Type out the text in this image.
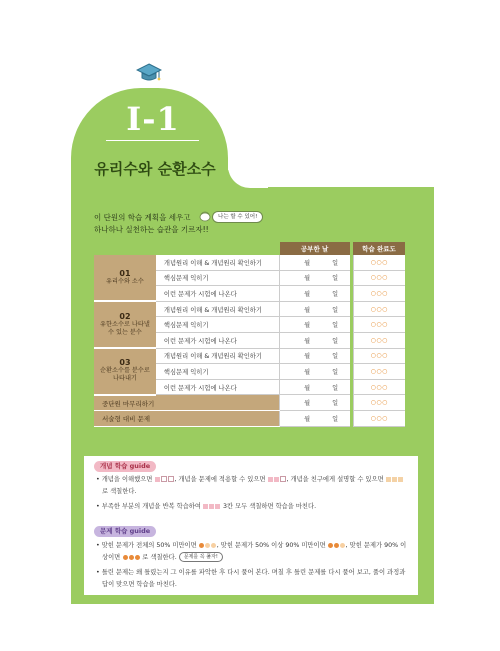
I-1
유리수와 순환소수
이 단원의 학습 계획을 세우고
하나하나 실천하는 습관을 기르자!!
나는 할 수 있어!
		공부한 날		학습 완료도

01
유리수와 소수	개념원리 이해 & 개념원리 확인하기	월 일		○○○
	핵심문제 익히기	월 일		○○○
	이런 문제가 시험에 나온다	월 일		○○○

02
유한소수로 나타낼 수 있는 분수	개념원리 이해 & 개념원리 확인하기	월 일		○○○
	핵심문제 익히기	월 일		○○○
	이런 문제가 시험에 나온다	월 일		○○○

03
순환소수를 분수로 나타내기	개념원리 이해 & 개념원리 확인하기	월 일		○○○
	핵심문제 익히기	월 일		○○○
	이런 문제가 시험에 나온다	월 일		○○○
중단원 마무리하기		월 일		○○○
서술형 대비 문제		월 일		○○○
개념 학습 guide
• 개념을 이해했으면	, 개념을 문제에 적용할 수 있으면	, 개념을 친구에게 설명할 수 있으면
로 색칠한다.
• 부족한 부분의 개념을 반복 학습하여	3칸 모두 색칠하면 학습을 마친다.
문제 학습 guide
• 맞힌 문제가 전체의 50% 미만이면	, 맞힌 문제가 50% 이상 90% 미만이면	, 맞힌 문제가 90% 이
상이면	로 색칠한다. 문제를 꼭 풀자!
• 틀린 문제는 왜 틀렸는지 그 이유를 파악한 후 다시 풀어 본다. 며칠 후 틀린 문제를 다시 풀어 보고, 풀이 과정과
답이 맞으면 학습을 마친다.
